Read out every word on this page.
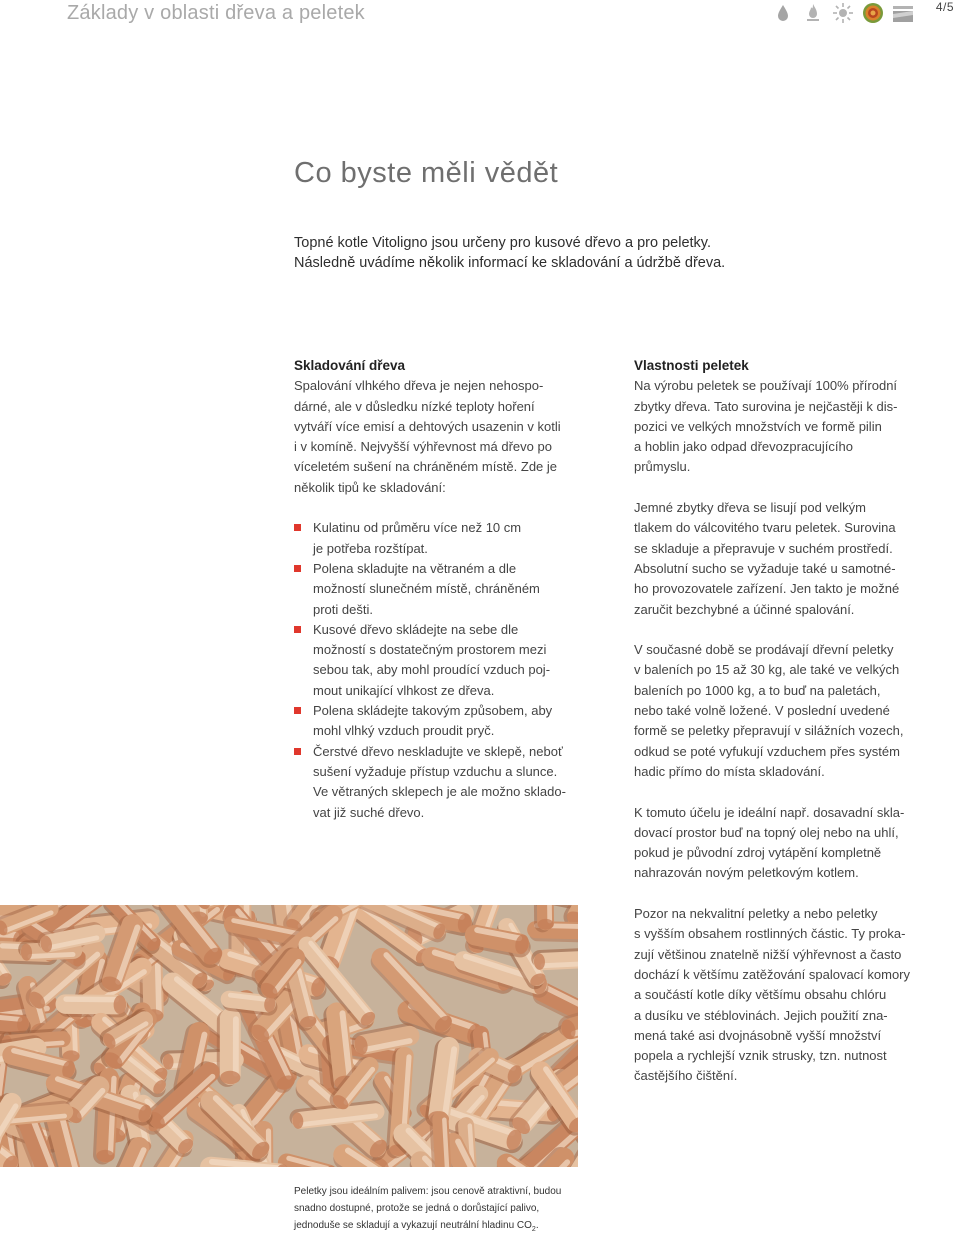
Základy v oblasti dřeva a peletek	4/5
Co byste měli vědět
Topné kotle Vitoligno jsou určeny pro kusové dřevo a pro peletky.
Následně uvádíme několik informací ke skladování a údržbě dřeva.
Skladování dřeva

Spalování vlhkého dřeva je nejen nehospo-
dárné, ale v důsledku nízké teploty hoření
vytváří více emisí a dehtových usazenin v kotli
i v komíně. Nejvyšší výhřevnost má dřevo po
víceletém sušení na chráněném místě. Zde je
několik tipů ke skladování:

Kulatinu od průměru více než 10 cm
je potřeba rozštípat.
Polena skladujte na větraném a dle
možností slunečném místě, chráněném
proti dešti.
Kusové dřevo skládejte na sebe dle
možností s dostatečným prostorem mezi
sebou tak, aby mohl proudící vzduch poj-
mout unikající vlhkost ze dřeva.
Polena skládejte takovým způsobem, aby
mohl vlhký vzduch proudit pryč.
Čerstvé dřevo neskladujte ve sklepě, neboť
sušení vyžaduje přístup vzduchu a slunce.
Ve větraných sklepech je ale možno sklado-
vat již suché dřevo.
Vlastnosti peletek

Na výrobu peletek se používají 100% přírodní
zbytky dřeva. Tato surovina je nejčastěji k dis-
pozici ve velkých množstvích ve formě pilin
a hoblin jako odpad dřevozpracujícího
průmyslu.

Jemné zbytky dřeva se lisují pod velkým
tlakem do válcovitého tvaru peletek. Surovina
se skladuje a přepravuje v suchém prostředí.
Absolutní sucho se vyžaduje také u samotné-
ho provozovatele zařízení. Jen takto je možné
zaručit bezchybné a účinné spalování.

V současné době se prodávají dřevní peletky
v baleních po 15 až 30 kg, ale také ve velkých
baleních po 1000 kg, a to buď na paletách,
nebo také volně ložené. V poslední uvedené
formě se peletky přepravují v silážních vozech,
odkud se poté vyfukují vzduchem přes systém
hadic přímo do místa skladování.

K tomuto účelu je ideální např. dosavadní skla-
dovací prostor buď na topný olej nebo na uhlí,
pokud je původní zdroj vytápění kompletně
nahrazován novým peletkovým kotlem.

Pozor na nekvalitní peletky a nebo peletky
s vyšším obsahem rostlinných částic. Ty proka-
zují většinou znatelně nižší výhřevnost a často
dochází k většímu zatěžování spalovací komory
a součástí kotle díky většímu obsahu chlóru
a dusíku ve stéblovinách. Jejich použití zna-
mená také asi dvojnásobně vyšší množství
popela a rychlejší vznik strusky, tzn. nutnost
častějšího čištění.

Peletky jsou ideálním palivem: jsou cenově atraktivní, budou
snadno dostupné, protože se jedná o dorůstající palivo,
jednoduše se skladují a vykazují neutrální hladinu $CO_2$.
